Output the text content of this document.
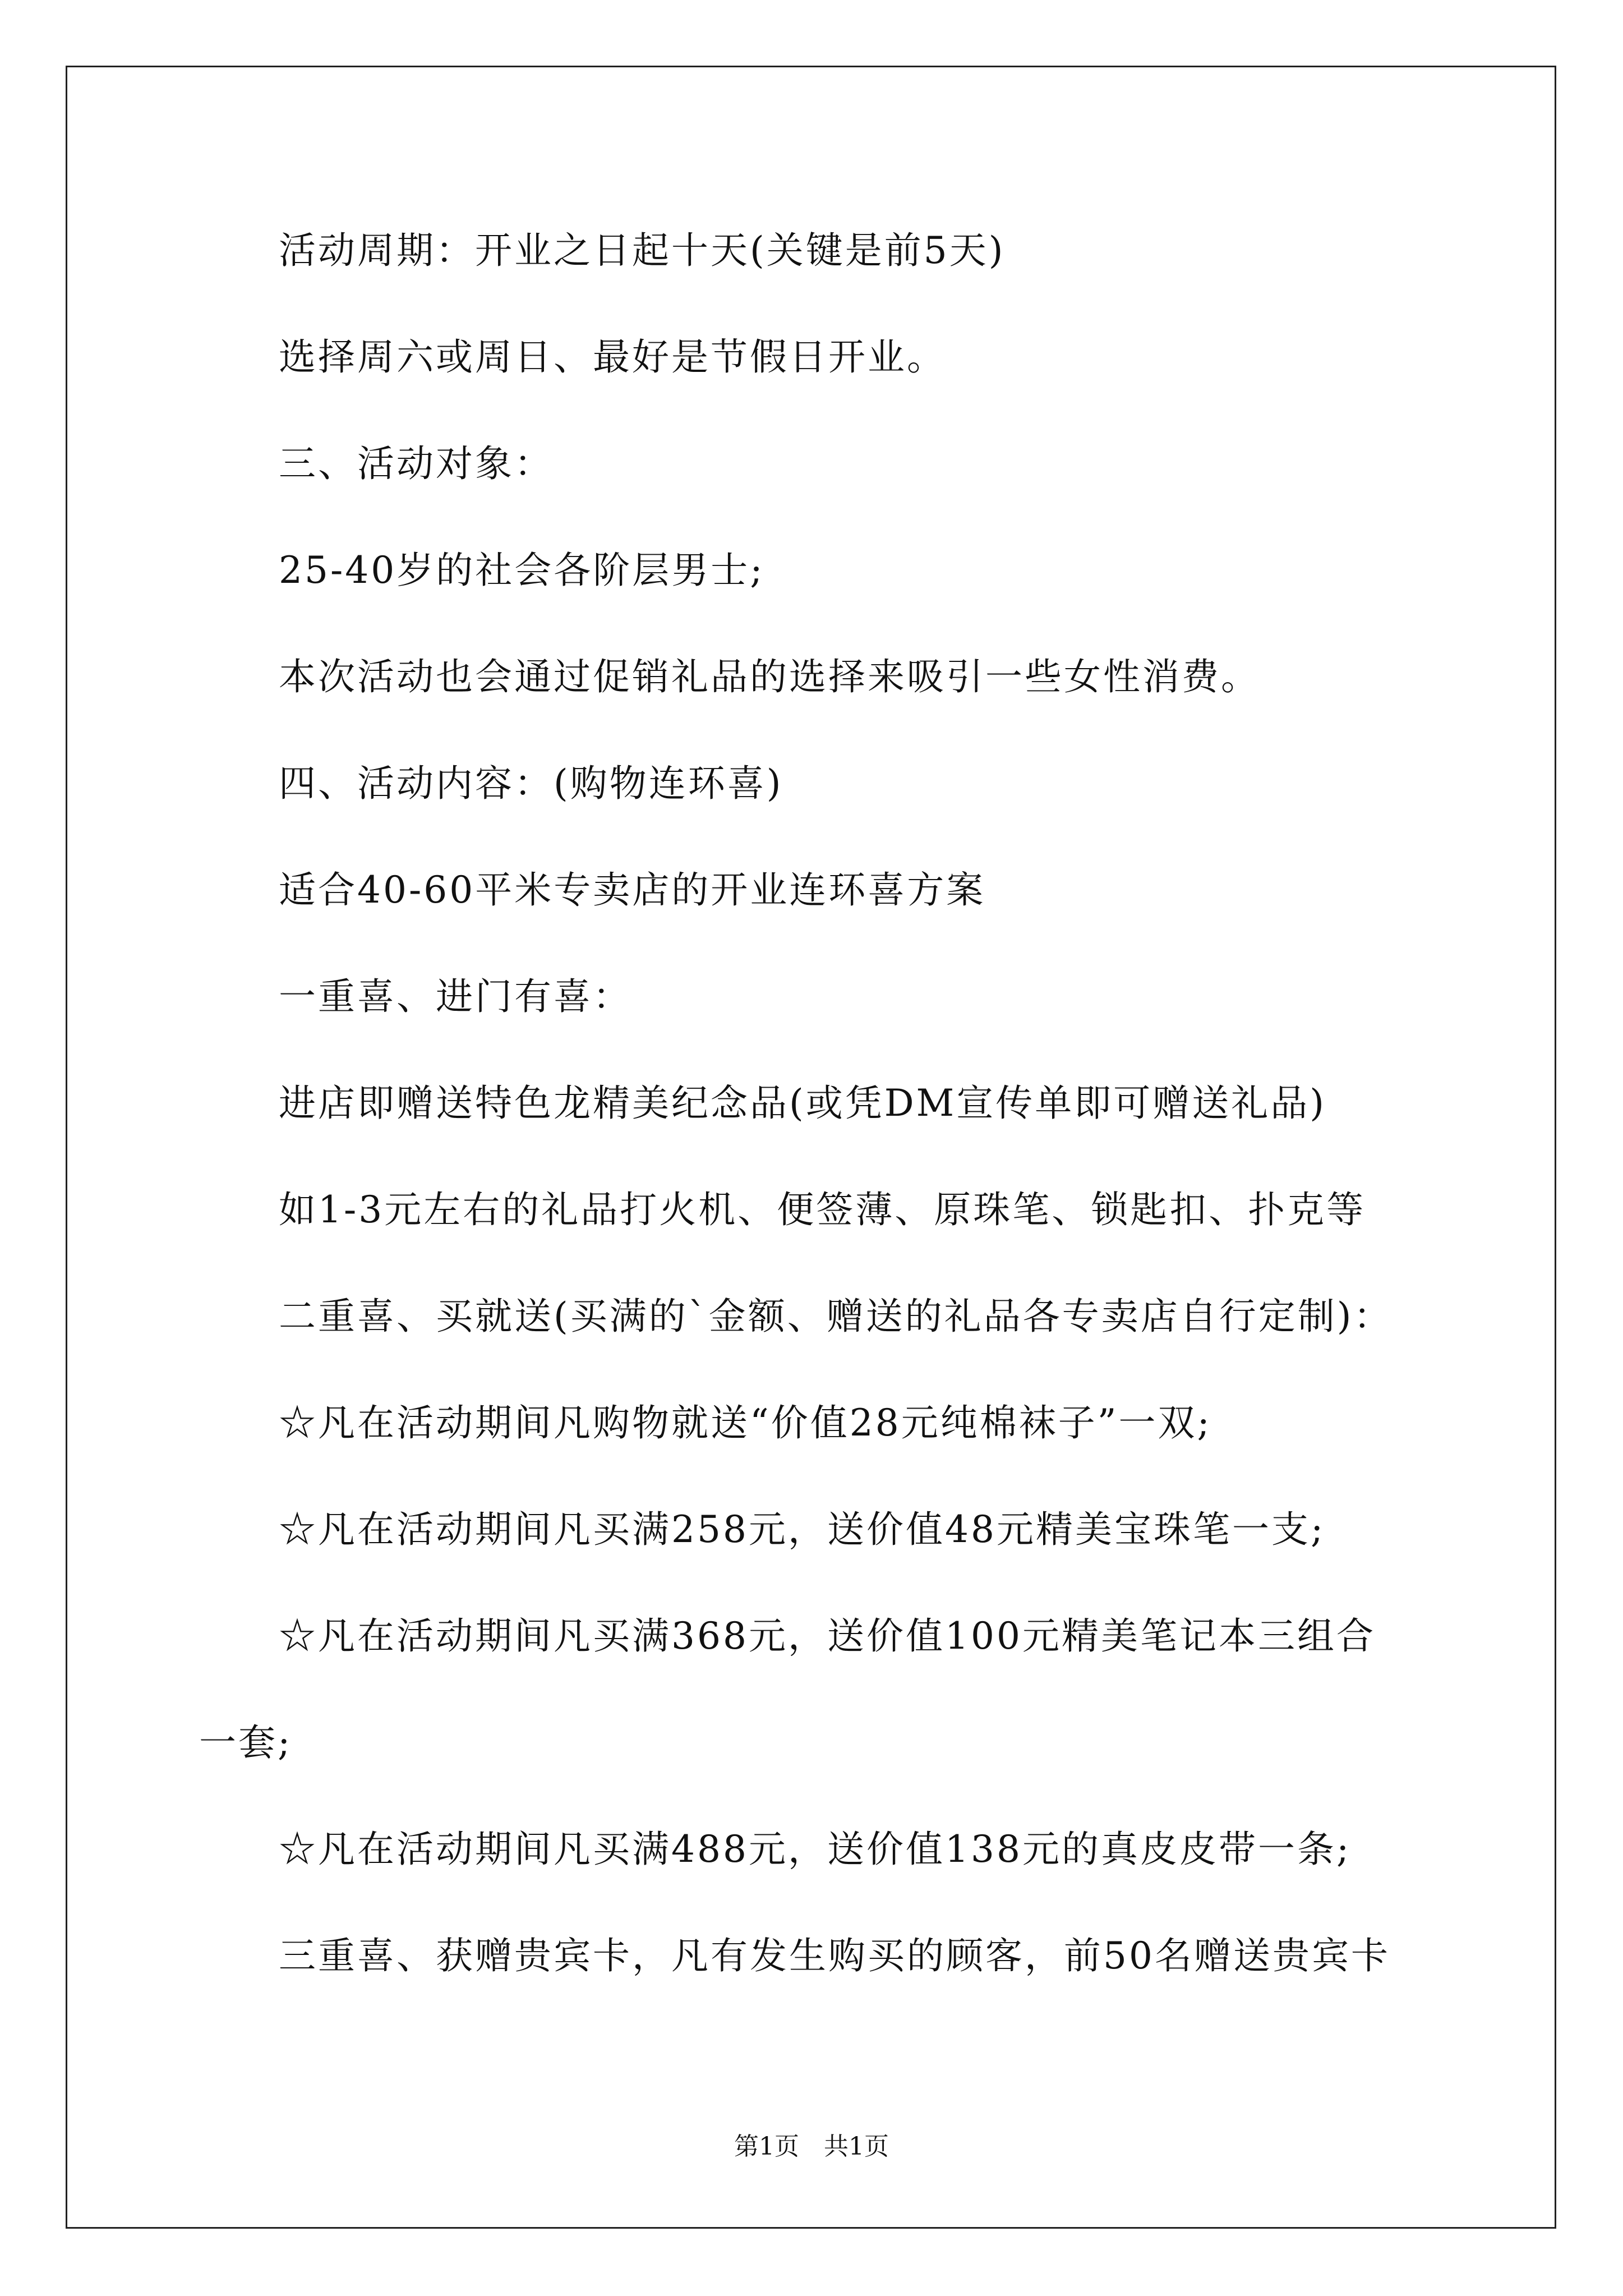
活动周期：开业之日起十天(关键是前5天)
选择周六或周日、最好是节假日开业。
三、活动对象：
25-40岁的社会各阶层男士;
本次活动也会通过促销礼品的选择来吸引一些女性消费。
四、活动内容：(购物连环喜)
适合40-60平米专卖店的开业连环喜方案
一重喜、进门有喜：
进店即赠送特色龙精美纪念品(或凭DM宣传单即可赠送礼品)
如1-3元左右的礼品打火机、便签薄、原珠笔、锁匙扣、扑克等
二重喜、买就送(买满的`金额、赠送的礼品各专卖店自行定制)：
☆凡在活动期间凡购物就送“价值28元纯棉袜子”一双;
☆凡在活动期间凡买满258元，送价值48元精美宝珠笔一支;
☆凡在活动期间凡买满368元，送价值100元精美笔记本三组合
一套;
☆凡在活动期间凡买满488元，送价值138元的真皮皮带一条;
三重喜、获赠贵宾卡，凡有发生购买的顾客，前50名赠送贵宾卡
第1页　共1页
